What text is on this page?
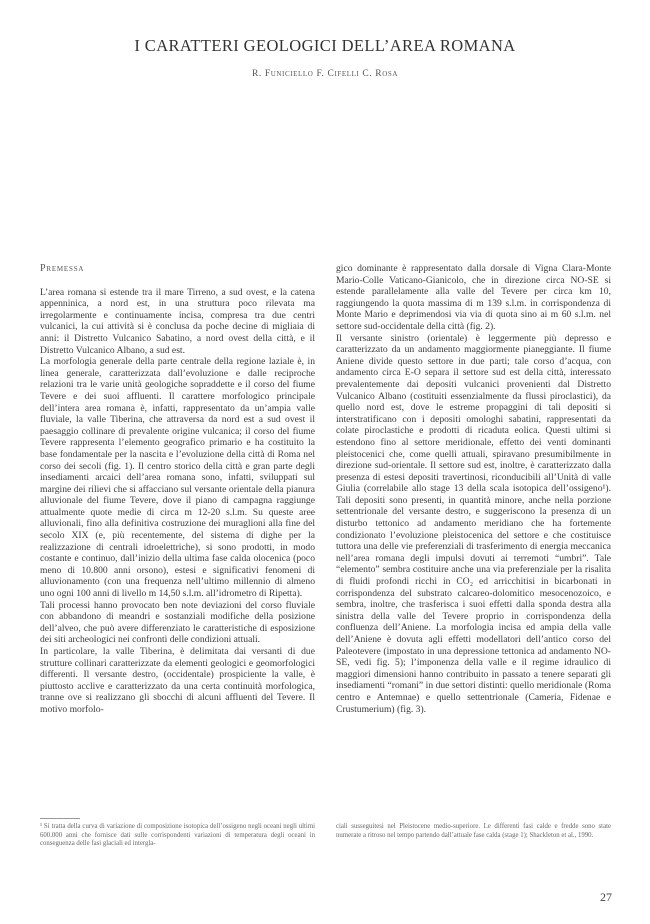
I CARATTERI GEOLOGICI DELL’AREA ROMANA
R. Funiciello F. Cifelli C. Rosa
Premessa

L’area romana si estende tra il mare Tirreno, a sud ovest, e la catena appenninica, a nord est, in una struttura poco rilevata ma irregolarmente e continuamente incisa, compresa tra due centri vulcanici, la cui attività si è conclusa da poche decine di migliaia di anni: il Distretto Vulcanico Sabatino, a nord ovest della città, e il Distretto Vulcanico Albano, a sud est.

La morfologia generale della parte centrale della regione laziale è, in linea generale, caratterizzata dall’evoluzione e dalle reciproche relazioni tra le varie unità geologiche sopraddette e il corso del fiume Tevere e dei suoi affluenti. Il carattere morfologico principale dell’intera area romana è, infatti, rappresentato da un’ampia valle fluviale, la valle Tiberina, che attraversa da nord est a sud ovest il paesaggio collinare di prevalente origine vulcanica; il corso del fiume Tevere rappresenta l’elemento geografico primario e ha costituito la base fondamentale per la nascita e l’evoluzione della città di Roma nel corso dei secoli (fig. 1). Il centro storico della città e gran parte degli insediamenti arcaici dell’area romana sono, infatti, sviluppati sul margine dei rilievi che si affacciano sul versante orientale della pianura alluvionale del fiume Tevere, dove il piano di campagna raggiunge attualmente quote medie di circa m 12-20 s.l.m. Su queste aree alluvionali, fino alla definitiva costruzione dei muraglioni alla fine del secolo XIX (e, più recentemente, del sistema di dighe per la realizzazione di centrali idroelettriche), si sono prodotti, in modo costante e continuo, dall’inizio della ultima fase calda olocenica (poco meno di 10.800 anni orsono), estesi e significativi fenomeni di alluvionamento (con una frequenza nell’ultimo millennio di almeno uno ogni 100 anni di livello m 14,50 s.l.m. all’idrometro di Ripetta).

Tali processi hanno provocato ben note deviazioni del corso fluviale con abbandono di meandri e sostanziali modifiche della posizione dell’alveo, che può avere differenziato le caratteristiche di esposizione dei siti archeologici nei confronti delle condizioni attuali.

In particolare, la valle Tiberina, è delimitata dai versanti di due strutture collinari caratterizzate da elementi geologici e geomorfologici differenti. Il versante destro, (occidentale) prospiciente la valle, è piuttosto acclive e caratterizzato da una certa continuità morfologica, tranne ove si realizzano gli sbocchi di alcuni affluenti del Tevere. Il motivo morfolo-

gico dominante è rappresentato dalla dorsale di Vigna Clara-Monte Mario-Colle Vaticano-Gianicolo, che in direzione circa NO-SE si estende parallelamente alla valle del Tevere per circa km 10, raggiungendo la quota massima di m 139 s.l.m. in corrispondenza di Monte Mario e deprimendosi via via di quota sino ai m 60 s.l.m. nel settore sud-occidentale della città (fig. 2).

Il versante sinistro (orientale) è leggermente più depresso e caratterizzato da un andamento maggiormente pianeggiante. Il fiume Aniene divide questo settore in due parti; tale corso d’acqua, con andamento circa E-O separa il settore sud est della città, interessato prevalentemente dai depositi vulcanici provenienti dal Distretto Vulcanico Albano (costituiti essenzialmente da flussi piroclastici), da quello nord est, dove le estreme propaggini di tali depositi si interstratificano con i depositi omologhi sabatini, rappresentati da colate piroclastiche e prodotti di ricaduta eolica. Questi ultimi si estendono fino al settore meridionale, effetto dei venti dominanti pleistocenici che, come quelli attuali, spiravano presumibilmente in direzione sud-orientale. Il settore sud est, inoltre, è caratterizzato dalla presenza di estesi depositi travertinosi, riconducibili all’Unità di valle Giulia (correlabile allo stage 13 della scala isotopica dell’ossigeno¹). Tali depositi sono presenti, in quantità minore, anche nella porzione settentrionale del versante destro, e suggeriscono la presenza di un disturbo tettonico ad andamento meridiano che ha fortemente condizionato l’evoluzione pleistocenica del settore e che costituisce tuttora una delle vie preferenziali di trasferimento di energia meccanica nell’area romana degli impulsi dovuti ai terremoti “umbri”. Tale “elemento” sembra costituire anche una via preferenziale per la risalita di fluidi profondi ricchi in CO₂ ed arricchitisi in bicarbonati in corrispondenza del substrato calcareo-dolomitico mesocenozoico, e sembra, inoltre, che trasferisca i suoi effetti dalla sponda destra alla sinistra della valle del Tevere proprio in corrispondenza della confluenza dell’Aniene. La morfologia incisa ed ampia della valle dell’Aniene è dovuta agli effetti modellatori dell’antico corso del Paleotevere (impostato in una depressione tettonica ad andamento NO-SE, vedi fig. 5); l’imponenza della valle e il regime idraulico di maggiori dimensioni hanno contribuito in passato a tenere separati gli insediamenti “romani” in due settori distinti: quello meridionale (Roma centro e Antemnae) e quello settentrionale (Cameria, Fidenae e Crustumerium) (fig. 3).

¹ Si tratta della curva di variazione di composizione isotopica dell’ossigeno negli oceani negli ultimi 600.000 anni che fornisce dati sulle corrispondenti variazioni di temperatura degli oceani in conseguenza delle fasi glaciali ed intergla-
ciali susseguitesi nel Pleistocene medio-superiore. Le differenti fasi calde e fredde sono state numerate a ritroso nel tempo partendo dall’attuale fase calda (stage 1); Shackleton et al., 1990.
27
